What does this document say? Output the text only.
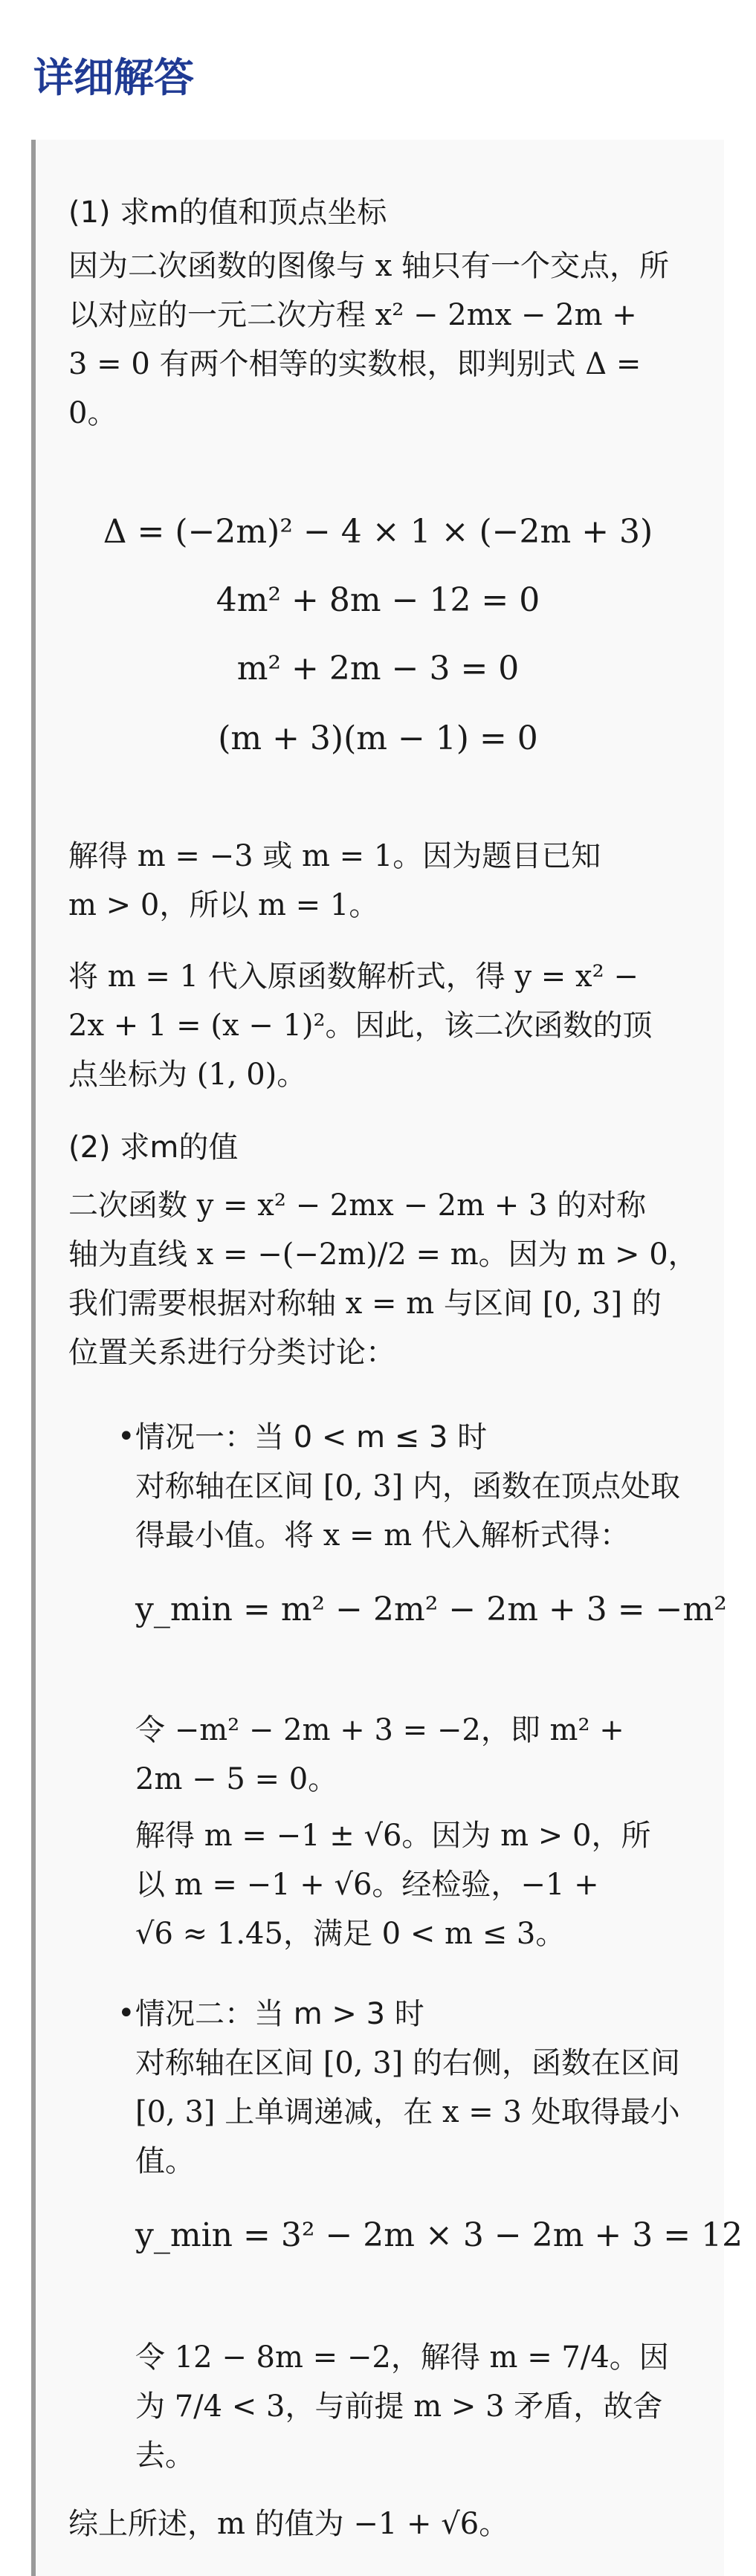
详细解答
(1) 求m的值和顶点坐标
因为二次函数的图像与 x 轴只有一个交点，所
以对应的一元二次方程 x² − 2mx − 2m +
3 = 0 有两个相等的实数根，即判别式 Δ =
0。
Δ = (−2m)² − 4 × 1 × (−2m + 3)
4m² + 8m − 12 = 0
m² + 2m − 3 = 0
(m + 3)(m − 1) = 0
解得 m = −3 或 m = 1。因为题目已知
m > 0，所以 m = 1。
将 m = 1 代入原函数解析式，得 y = x² −
2x + 1 = (x − 1)²。因此，该二次函数的顶
点坐标为 (1, 0)。
(2) 求m的值
二次函数 y = x² − 2mx − 2m + 3 的对称
轴为直线 x = −(−2m)/2 = m。因为 m > 0，
我们需要根据对称轴 x = m 与区间 [0, 3] 的
位置关系进行分类讨论：
• 情况一：当 0 < m ≤ 3 时
对称轴在区间 [0, 3] 内，函数在顶点处取
得最小值。将 x = m 代入解析式得：
y_min = m² − 2m² − 2m + 3 = −m²
令 −m² − 2m + 3 = −2，即 m² +
2m − 5 = 0。
解得 m = −1 ± √6。因为 m > 0，所
以 m = −1 + √6。经检验，−1 +
√6 ≈ 1.45，满足 0 < m ≤ 3。
• 情况二：当 m > 3 时
对称轴在区间 [0, 3] 的右侧，函数在区间
[0, 3] 上单调递减，在 x = 3 处取得最小
值。
y_min = 3² − 2m × 3 − 2m + 3 = 12
令 12 − 8m = −2，解得 m = 7/4。因
为 7/4 < 3，与前提 m > 3 矛盾，故舍
去。
综上所述，m 的值为 −1 + √6。
